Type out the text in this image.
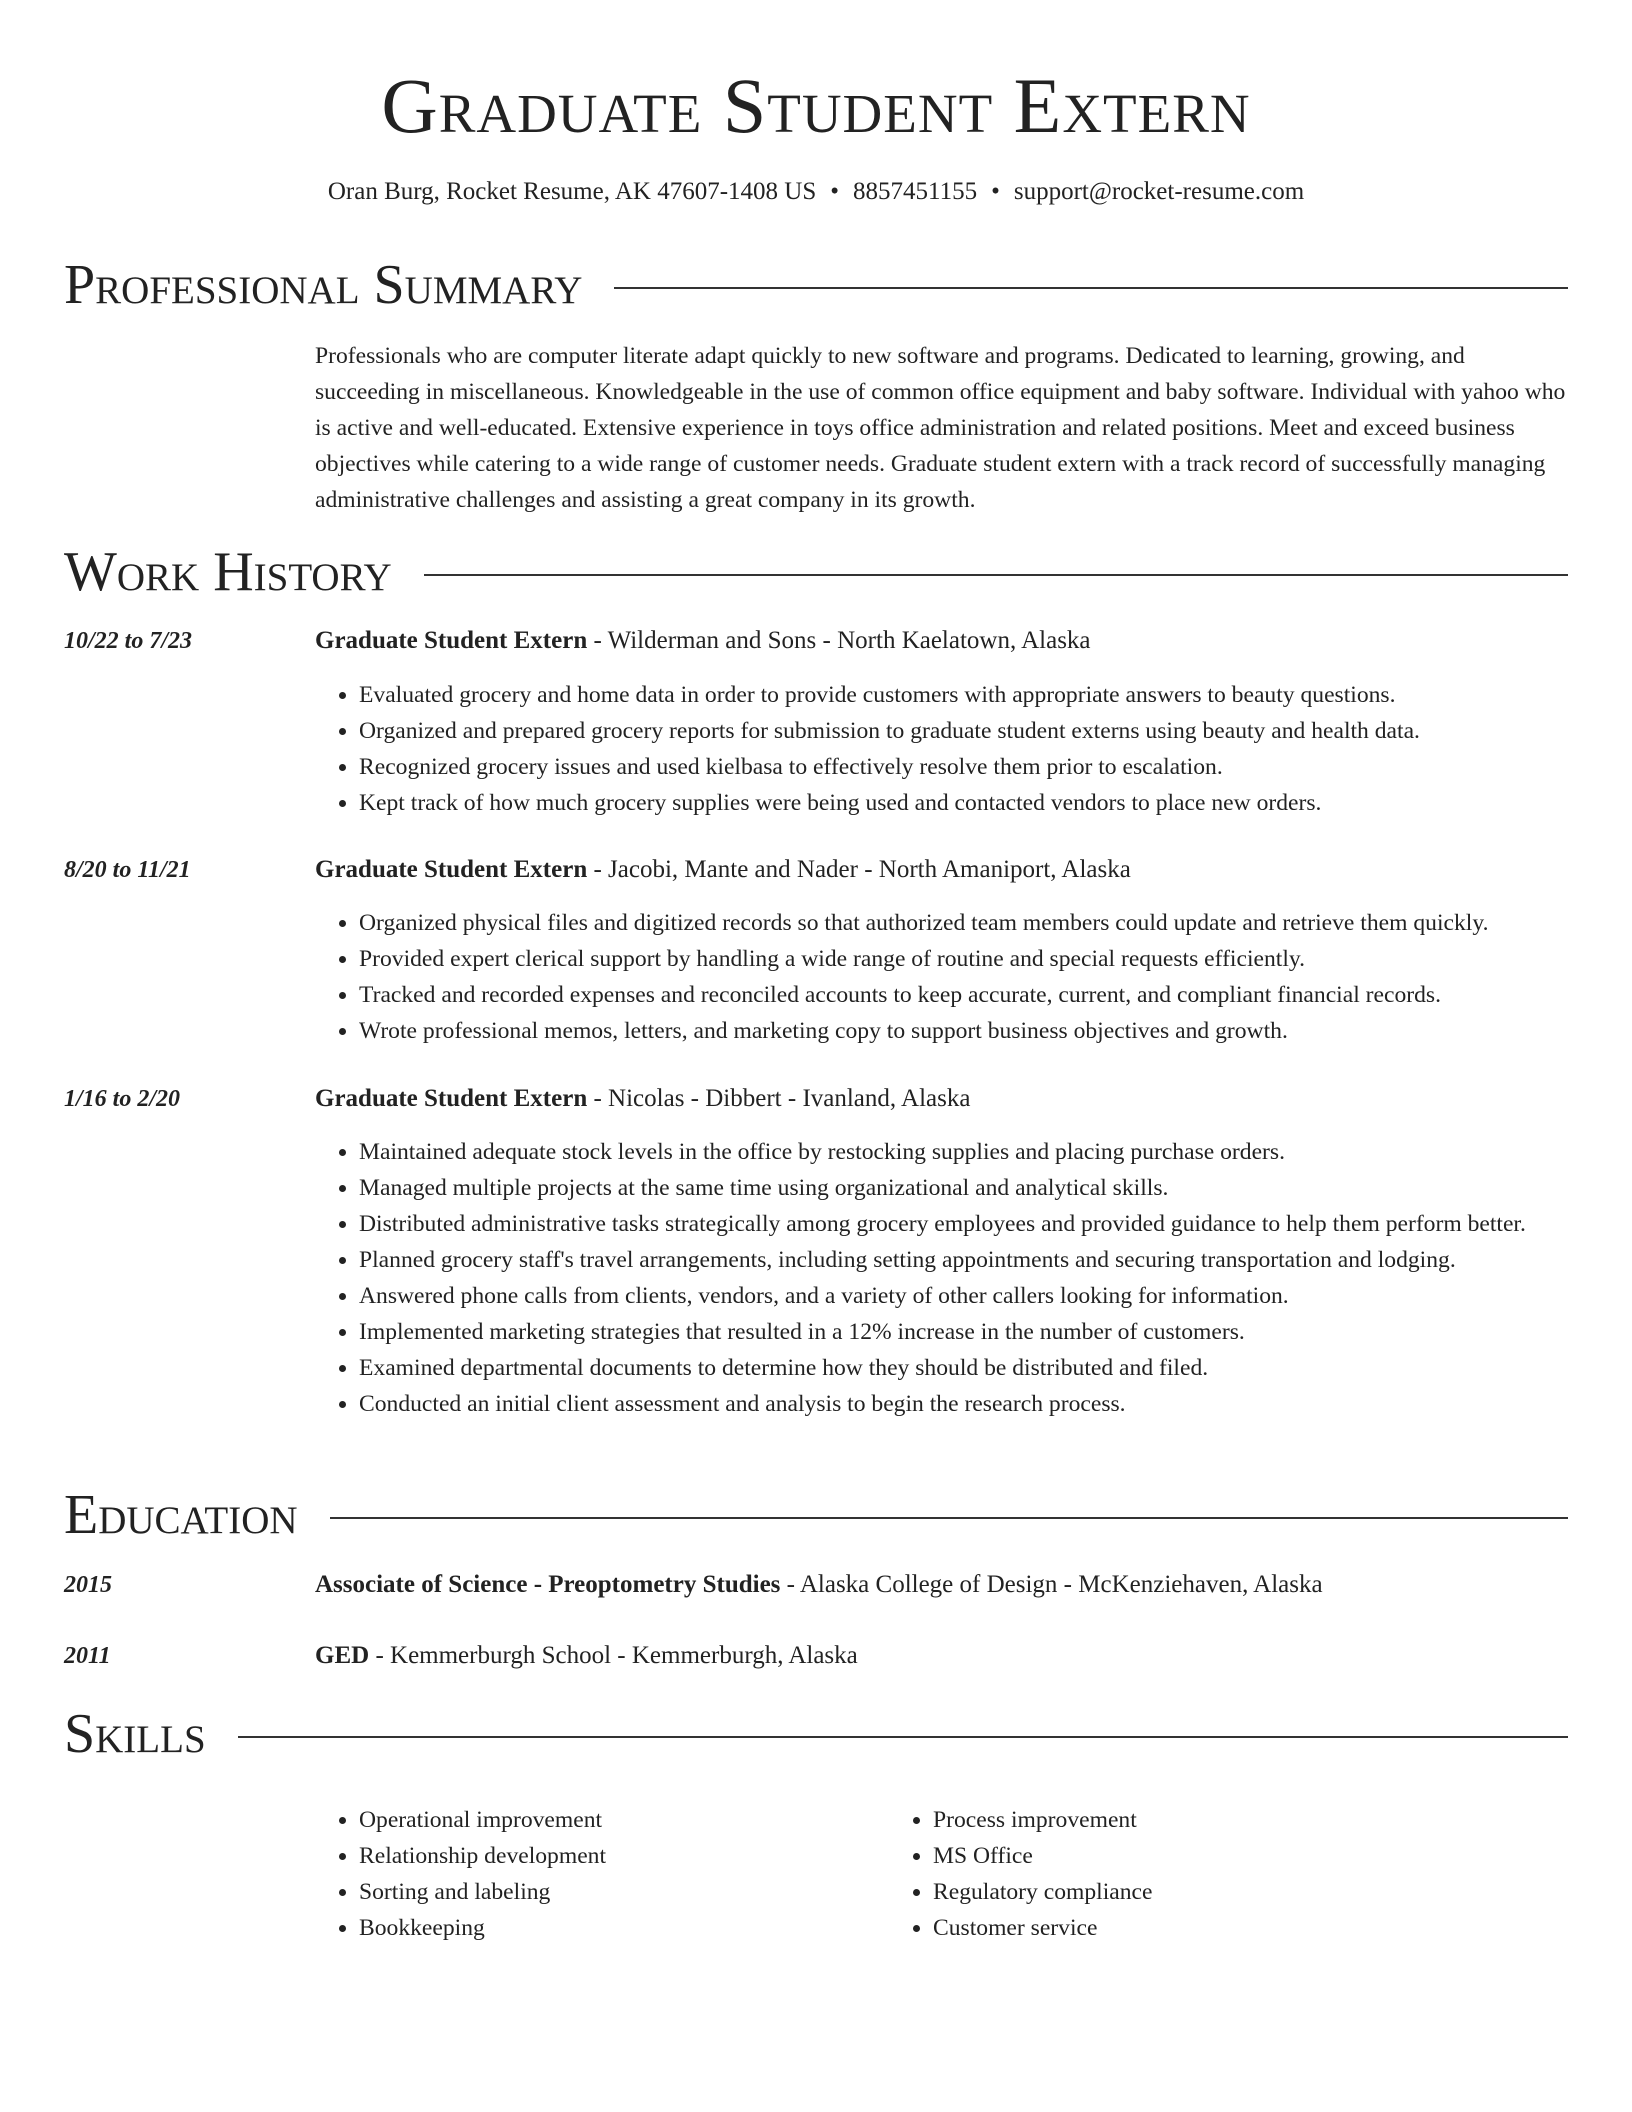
Graduate Student Extern
Oran Burg, Rocket Resume, AK 47607-1408 US • 8857451155 • support@rocket-resume.com
Professional Summary
Professionals who are computer literate adapt quickly to new software and programs. Dedicated to learning, growing, and succeeding in miscellaneous. Knowledgeable in the use of common office equipment and baby software. Individual with yahoo who is active and well-educated. Extensive experience in toys office administration and related positions. Meet and exceed business objectives while catering to a wide range of customer needs. Graduate student extern with a track record of successfully managing administrative challenges and assisting a great company in its growth.
Work History
10/22 to 7/23	Graduate Student Extern - Wilderman and Sons - North Kaelatown, Alaska
• Evaluated grocery and home data in order to provide customers with appropriate answers to beauty questions.
• Organized and prepared grocery reports for submission to graduate student externs using beauty and health data.
• Recognized grocery issues and used kielbasa to effectively resolve them prior to escalation.
• Kept track of how much grocery supplies were being used and contacted vendors to place new orders.
8/20 to 11/21	Graduate Student Extern - Jacobi, Mante and Nader - North Amaniport, Alaska
• Organized physical files and digitized records so that authorized team members could update and retrieve them quickly.
• Provided expert clerical support by handling a wide range of routine and special requests efficiently.
• Tracked and recorded expenses and reconciled accounts to keep accurate, current, and compliant financial records.
• Wrote professional memos, letters, and marketing copy to support business objectives and growth.
1/16 to 2/20	Graduate Student Extern - Nicolas - Dibbert - Ivanland, Alaska
• Maintained adequate stock levels in the office by restocking supplies and placing purchase orders.
• Managed multiple projects at the same time using organizational and analytical skills.
• Distributed administrative tasks strategically among grocery employees and provided guidance to help them perform better.
• Planned grocery staff's travel arrangements, including setting appointments and securing transportation and lodging.
• Answered phone calls from clients, vendors, and a variety of other callers looking for information.
• Implemented marketing strategies that resulted in a 12% increase in the number of customers.
• Examined departmental documents to determine how they should be distributed and filed.
• Conducted an initial client assessment and analysis to begin the research process.
Education
2015	Associate of Science - Preoptometry Studies - Alaska College of Design - McKenziehaven, Alaska
2011	GED - Kemmerburgh School - Kemmerburgh, Alaska
Skills
• Operational improvement
• Relationship development
• Sorting and labeling
• Bookkeeping
• Process improvement
• MS Office
• Regulatory compliance
• Customer service
